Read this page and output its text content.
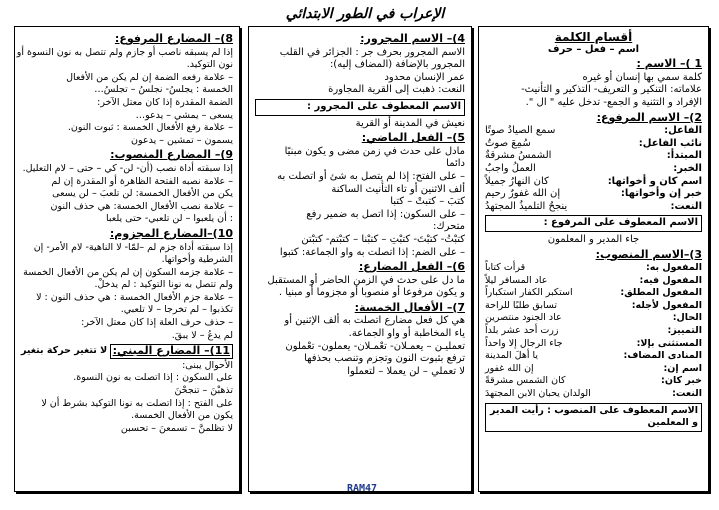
الإعراب في الطور الابتدائي
أقسام الكلمة
اسم – فعل – حرف
1 )– الاسم :
كلمة سمي بها إنسان أو غيره
علاماته: التنكير و التعريف- التذكير و التأنيث-
الإفراد و التثنية و الجمع- تدخل عليه " ال ".
2)– الاسم المرفوع:
الفاعل:
سمع الصيادُ صوتًا
نائب الفاعل:
سُمِعَ صوتٌ
المبتدأ:
الشمسُ مشرقةٌ
الخبر:
العملُ واجبٌ
اسم كان و أخواتها:
كان النهارُ جميلاً
خبر إن وأخواتها:
إن الله غفورٌ رحيم
النعت:
ينجحُ التلميذُ المجتهدُ
الاسم المعطوف على المرفوع :
جاء المدير و المعلمون
3)–الاسم المنصوب:
المفعول به:
قرأت كتاباً
المفعول فيه:
عاد المسافر ليلاً
المفعول المطلق:
استكبر الكفار استكباراً
المفعول لأجله:
تسابق طلبًا للراحة
الحال:
عاد الجنود منتصرين
التمييز:
زرت أحد عشر بلداً
المستثنى بإلا:
جاء الرجال إلا واحداً
المنادى المضاف:
يا أهلَ المدينة
اسم إن:
إن الله غفور
خبر كان:
كان الشمس مشرقةً
النعت:
الولدان يحبان الابن المجتهدَ
الاسم المعطوف على المنصوب : رأيت المدير و المعلمين
4)– الاسم المجرور:
الاسم المجرور بحرف جر : الجزائر في القلب
المجرور بالإضافة (المضاف إليه):
عمر الإنسان محدود
النعت: ذهبت إلى القرية المجاورة
الاسم المعطوف على المجرور :
نعيش في المدينة أو القرية
5)– الفعل الماضي:
مادل على حدث في زمن مضى و يكون مبنيًا
دائما
– على الفتح: إذا لم يتصل به شئ أو اتصلت به
ألف الاثنين أو تاء التأنيث الساكنة
كتبَ – كتبتْ – كتبا
– على السكون: إذا اتصل به ضمير رفع
متحرك:
كتبْتُ- كتبْتَ- كتبْتِ – كتبْنا – كتبْتم- كتبْتن
– على الضم: إذا اتصلت به واو الجماعة: كتبوا
6)– الفعل المضارع:
ما دل على حدث في الزمن الحاضر أو المستقبل
و يكون مرفوعا أو منصوبا أو مجزوما أو مبنيا .
7)– الأفعال الخمسة:
هي كل فعل مضارع اتصلت به ألف الإثنين أو
ياء المخاطبة أو واو الجماعة.
تعمليـن – يعمـلان- تعْمـلان- يعملون- تعْملون
ترفع بثبوت النون وتجزم وتنصب بحذفها
لا تعملي – لن يعملا – لتعملوا
8)– المضارع المرفوع:
إذا لم يسبقه ناصب أو جازم ولم تتصل به نون النسوة أو
نون التوكيد.
– علامة رفعه الضمة إن لم يكن من الأفعال
الخمسة : يجلسُ- نجلسُ – تجلسُ…
الضمة المقدرة إذا كان معتل الآخر:
يسعى – يمشي – يدعو…
– علامة رفع الأفعال الخمسة : ثبوت النون.
يسمون – تمشين – يدعون
9)– المضارع المنصوب:
إذا سبقته أداة نصب (أن- لن- كي – حتى – لام التعليل.
– علامة نصبه الفتحة الظاهرة أو المقدرة إن لم
يكن من الأفعال الخمسة: لن تلعبَ – لن يسعى
– علامة نصب الأفعال الخمسة: هي حذف النون
: أن يلعبوا – لن تلعبي- حتى يلعبا
10)–المضارع المجزوم:
إذا سبقته أداة جزم لم –لمّا- لا الناهية- لام الأمر- إن
الشرطية وأخواتها.
– علامة جزمه السكون إن لم يكن من الأفعال الخمسة
ولم تتصل به نونا التوكيد : لم يدخلْ.
– علامة جزم الأفعال الخمسة : هي حذف النون : لا
تكذبوا – لم تخرجا – لا تلعبي.
– حذف حرف العلة إذا كان معتل الآخر:
لم يدعُ – لا يبقَ.
11)– المضارع المبني:
لا تتغير حركة بتغير
الأحوال يبنى:
على السكون : إذا اتصلت به نون النسوة.
تذهبْنَ – تنجحْنَ
على الفتح : إذا اتصلت به نونا التوكيد بشرط أن لا
يكون من الأفعال الخمسة.
لا تظلمنَّ – تسمعنَ – تحسبن
RAM47
